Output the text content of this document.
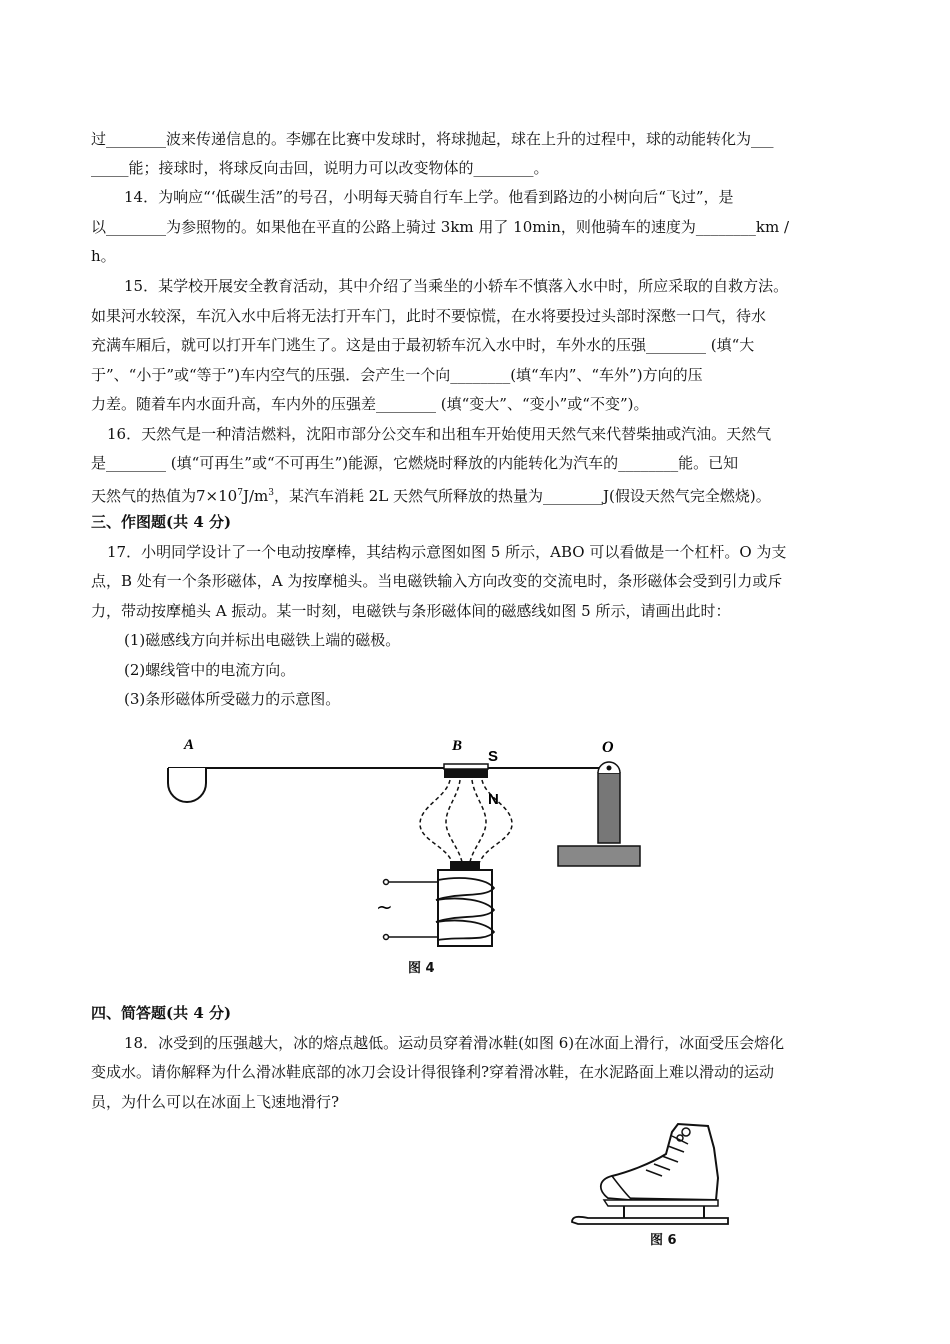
过________波来传递信息的。李娜在比赛中发球时，将球抛起，球在上升的过程中，球的动能转化为___
_____能；接球时，将球反向击回，说明力可以改变物体的________。
14．为响应“‘低碳生活”的号召，小明每天骑自行车上学。他看到路边的小树向后“飞过”，是
以________为参照物的。如果他在平直的公路上骑过 3km 用了 10min，则他骑车的速度为________km /
h。
15．某学校开展安全教育活动，其中介绍了当乘坐的小轿车不慎落入水中时，所应采取的自救方法。
如果河水较深，车沉入水中后将无法打开车门，此时不要惊慌，在水将要投过头部时深憋一口气，待水
充满车厢后，就可以打开车门逃生了。这是由于最初轿车沉入水中时，车外水的压强________ (填“大
于”、“小于”或“等于”)车内空气的压强．会产生一个向________(填“车内”、“车外”)方向的压
力差。随着车内水面升高，车内外的压强差________ (填“变大”、“变小”或“不变”)。
16．天然气是一种清洁燃料，沈阳市部分公交车和出租车开始使用天然气来代替柴抽或汽油。天然气
是________ (填“可再生”或“不可再生”)能源，它燃烧时释放的内能转化为汽车的________能。已知
天然气的热值为$7\times 10^7J/m^3$，某汽车消耗 2L 天然气所释放的热量为________J(假设天然气完全燃烧)。
三、作图题(共 4 分)
17．小明同学设计了一个电动按摩棒，其结构示意图如图 5 所示，ABO 可以看做是一个杠杆。O 为支
点，B 处有一个条形磁体，A 为按摩槌头。当电磁铁输入方向改变的交流电时，条形磁体会受到引力或斥
力，带动按摩槌头 A 振动。某一时刻，电磁铁与条形磁体间的磁感线如图 5 所示，请画出此时：
(1)磁感线方向并标出电磁铁上端的磁极。
(2)螺线管中的电流方向。
(3)条形磁体所受磁力的示意图。
A	B
S
O
N
~
图 4
四、简答题(共 4 分)
18．冰受到的压强越大，冰的熔点越低。运动员穿着滑冰鞋(如图 6)在冰面上滑行，冰面受压会熔化
变成水。请你解释为什么滑冰鞋底部的冰刀会设计得很锋利?穿着滑冰鞋，在水泥路面上难以滑动的运动
员，为什么可以在冰面上飞速地滑行?
图 6
